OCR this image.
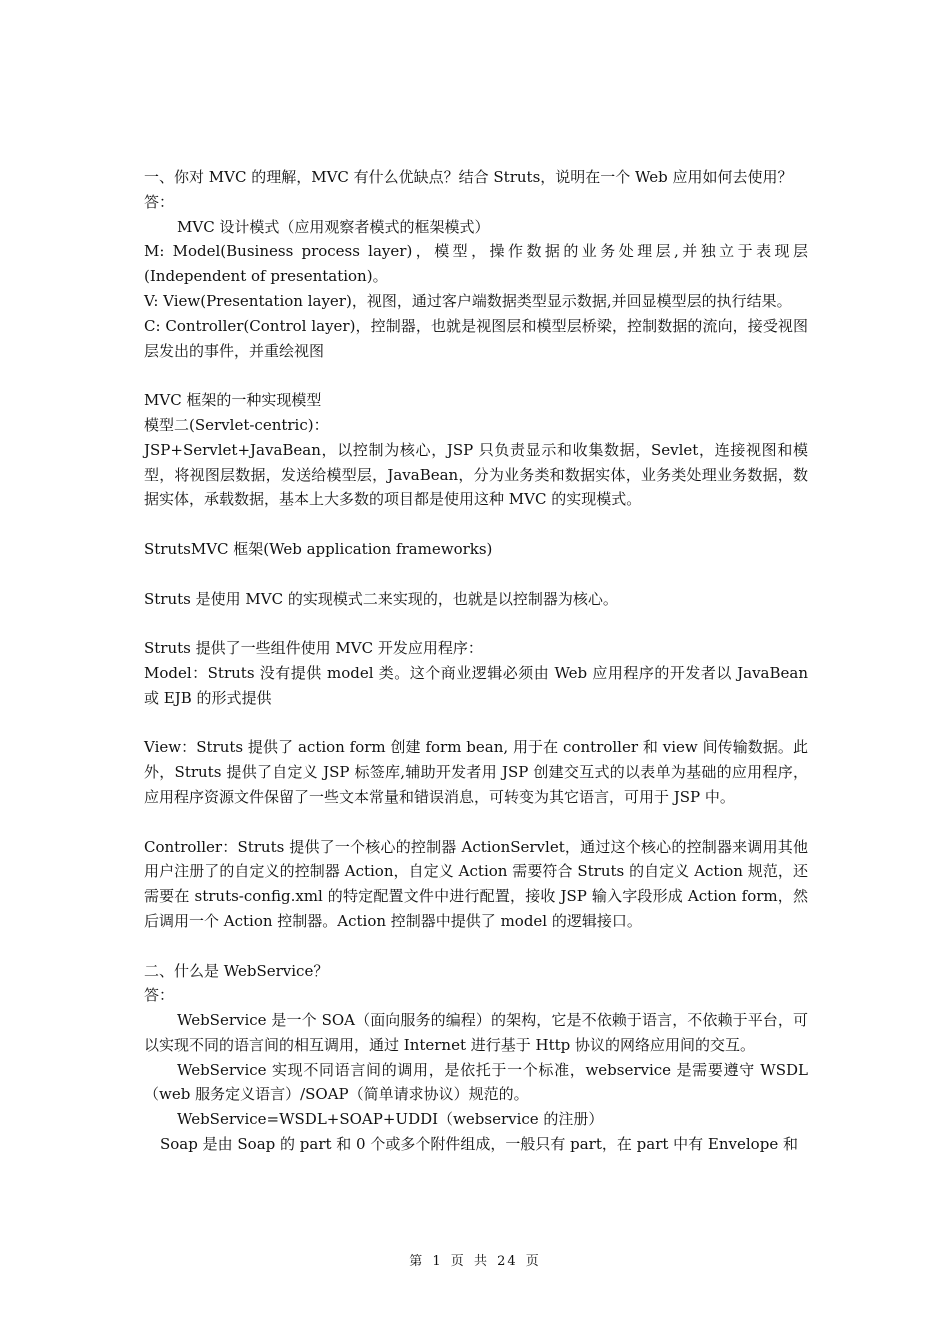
一、你对 MVC 的理解，MVC 有什么优缺点？结合 Struts，说明在一个 Web 应用如何去使用？

答：

MVC 设计模式（应用观察者模式的框架模式）

M: Model(Business process layer)，模型，操作数据的业务处理层,并独立于表现层(Independent of presentation)。

V: View(Presentation layer)，视图，通过客户端数据类型显示数据,并回显模型层的执行结果。

C: Controller(Control layer)，控制器，也就是视图层和模型层桥梁，控制数据的流向，接受视图层发出的事件，并重绘视图

MVC 框架的一种实现模型

模型二(Servlet-centric)：

JSP+Servlet+JavaBean，以控制为核心，JSP 只负责显示和收集数据，Sevlet，连接视图和模型，将视图层数据，发送给模型层，JavaBean，分为业务类和数据实体，业务类处理业务数据，数据实体，承载数据，基本上大多数的项目都是使用这种 MVC 的实现模式。

StrutsMVC 框架(Web application frameworks)

Struts 是使用 MVC 的实现模式二来实现的，也就是以控制器为核心。

Struts 提供了一些组件使用 MVC 开发应用程序：

Model：Struts 没有提供 model 类。这个商业逻辑必须由 Web 应用程序的开发者以 JavaBean 或 EJB 的形式提供

View：Struts 提供了 action form 创建 form bean, 用于在 controller 和 view 间传输数据。此外，Struts 提供了自定义 JSP 标签库,辅助开发者用 JSP 创建交互式的以表单为基础的应用程序，应用程序资源文件保留了一些文本常量和错误消息，可转变为其它语言，可用于 JSP 中。

Controller：Struts 提供了一个核心的控制器 ActionServlet，通过这个核心的控制器来调用其他用户注册了的自定义的控制器 Action，自定义 Action 需要符合 Struts 的自定义 Action 规范，还需要在 struts-config.xml 的特定配置文件中进行配置，接收 JSP 输入字段形成 Action form，然后调用一个 Action 控制器。Action 控制器中提供了 model 的逻辑接口。

二、什么是 WebService？

答：

WebService 是一个 SOA（面向服务的编程）的架构，它是不依赖于语言，不依赖于平台，可以实现不同的语言间的相互调用，通过 Internet 进行基于 Http 协议的网络应用间的交互。

WebService 实现不同语言间的调用，是依托于一个标准，webservice 是需要遵守 WSDL（web 服务定义语言）/SOAP（简单请求协议）规范的。

WebService=WSDL+SOAP+UDDI（webservice 的注册）

Soap 是由 Soap 的 part 和 0 个或多个附件组成，一般只有 part，在 part 中有 Envelope 和

第 1 页 共 24 页
